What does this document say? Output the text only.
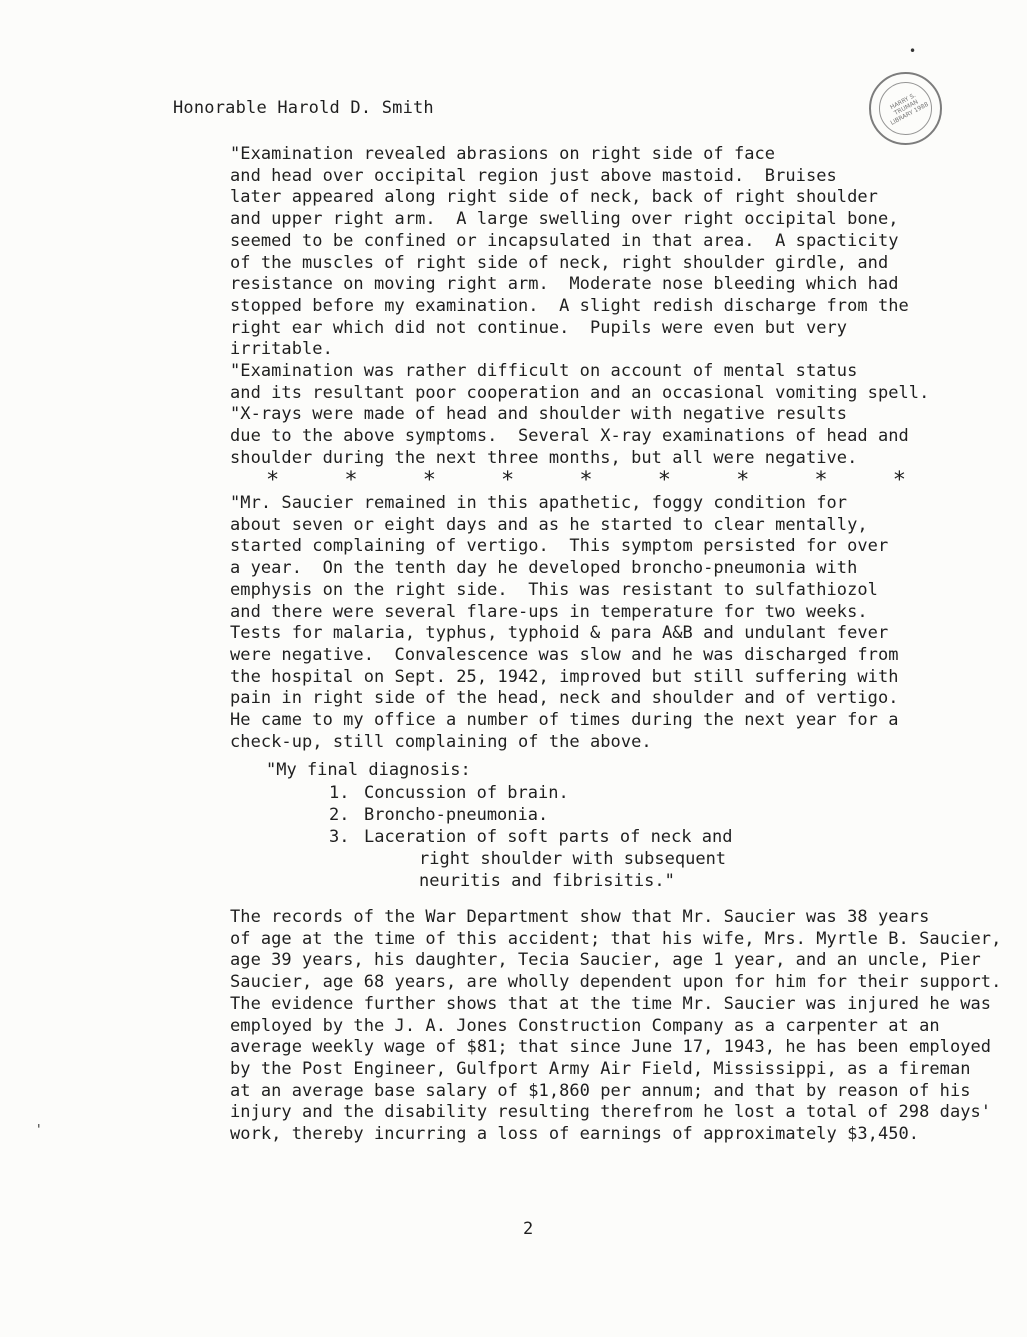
•
HARRY S. TRUMAN LIBRARY 1988
Honorable Harold D. Smith
"Examination revealed abrasions on right side of face
and head over occipital region just above mastoid.  Bruises
later appeared along right side of neck, back of right shoulder
and upper right arm.  A large swelling over right occipital bone,
seemed to be confined or incapsulated in that area.  A spacticity
of the muscles of right side of neck, right shoulder girdle, and
resistance on moving right arm.  Moderate nose bleeding which had
stopped before my examination.  A slight redish discharge from the
right ear which did not continue.  Pupils were even but very
irritable.
"Examination was rather difficult on account of mental status
and its resultant poor cooperation and an occasional vomiting spell.
"X-rays were made of head and shoulder with negative results
due to the above symptoms.  Several X-ray examinations of head and
shoulder during the next three months, but all were negative.
*	*	*	*	*	*	*	*	*
"Mr. Saucier remained in this apathetic, foggy condition for
about seven or eight days and as he started to clear mentally,
started complaining of vertigo.  This symptom persisted for over
a year.  On the tenth day he developed broncho-pneumonia with
emphysis on the right side.  This was resistant to sulfathiozol
and there were several flare-ups in temperature for two weeks.
Tests for malaria, typhus, typhoid & para A&B and undulant fever
were negative.  Convalescence was slow and he was discharged from
the hospital on Sept. 25, 1942, improved but still suffering with
pain in right side of the head, neck and shoulder and of vertigo.
He came to my office a number of times during the next year for a
check-up, still complaining of the above.
"My final diagnosis:
1. Concussion of brain.
2. Broncho-pneumonia.
3. Laceration of soft parts of neck and
right shoulder with subsequent
neuritis and fibrisitis."
The records of the War Department show that Mr. Saucier was 38 years
of age at the time of this accident; that his wife, Mrs. Myrtle B. Saucier,
age 39 years, his daughter, Tecia Saucier, age 1 year, and an uncle, Pier
Saucier, age 68 years, are wholly dependent upon for him for their support.
The evidence further shows that at the time Mr. Saucier was injured he was
employed by the J. A. Jones Construction Company as a carpenter at an
average weekly wage of $81; that since June 17, 1943, he has been employed
by the Post Engineer, Gulfport Army Air Field, Mississippi, as a fireman
at an average base salary of $1,860 per annum; and that by reason of his
injury and the disability resulting therefrom he lost a total of 298 days'
work, thereby incurring a loss of earnings of approximately $3,450.
'
2
